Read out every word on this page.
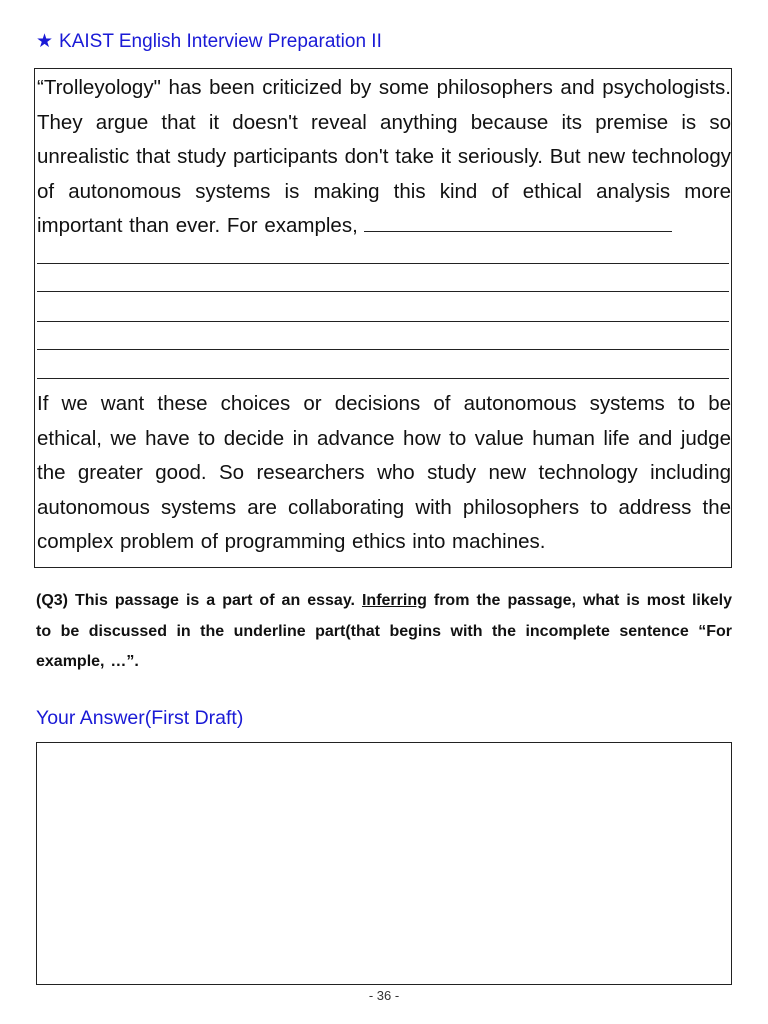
★ KAIST English Interview Preparation II
“Trolleyology" has been criticized by some philosophers and psychologists. They argue that it doesn't reveal anything because its premise is so unrealistic that study participants don't take it seriously. But new technology of autonomous systems is making this kind of ethical analysis more important than ever. For examples,
If we want these choices or decisions of autonomous systems to be ethical, we have to decide in advance how to value human life and judge the greater good. So researchers who study new technology including autonomous systems are collaborating with philosophers to address the complex problem of programming ethics into machines.
(Q3) This passage is a part of an essay. Inferring from the passage, what is most likely to be discussed in the underline part(that begins with the incomplete sentence “For example, …”.
Your Answer(First Draft)
- 36 -
